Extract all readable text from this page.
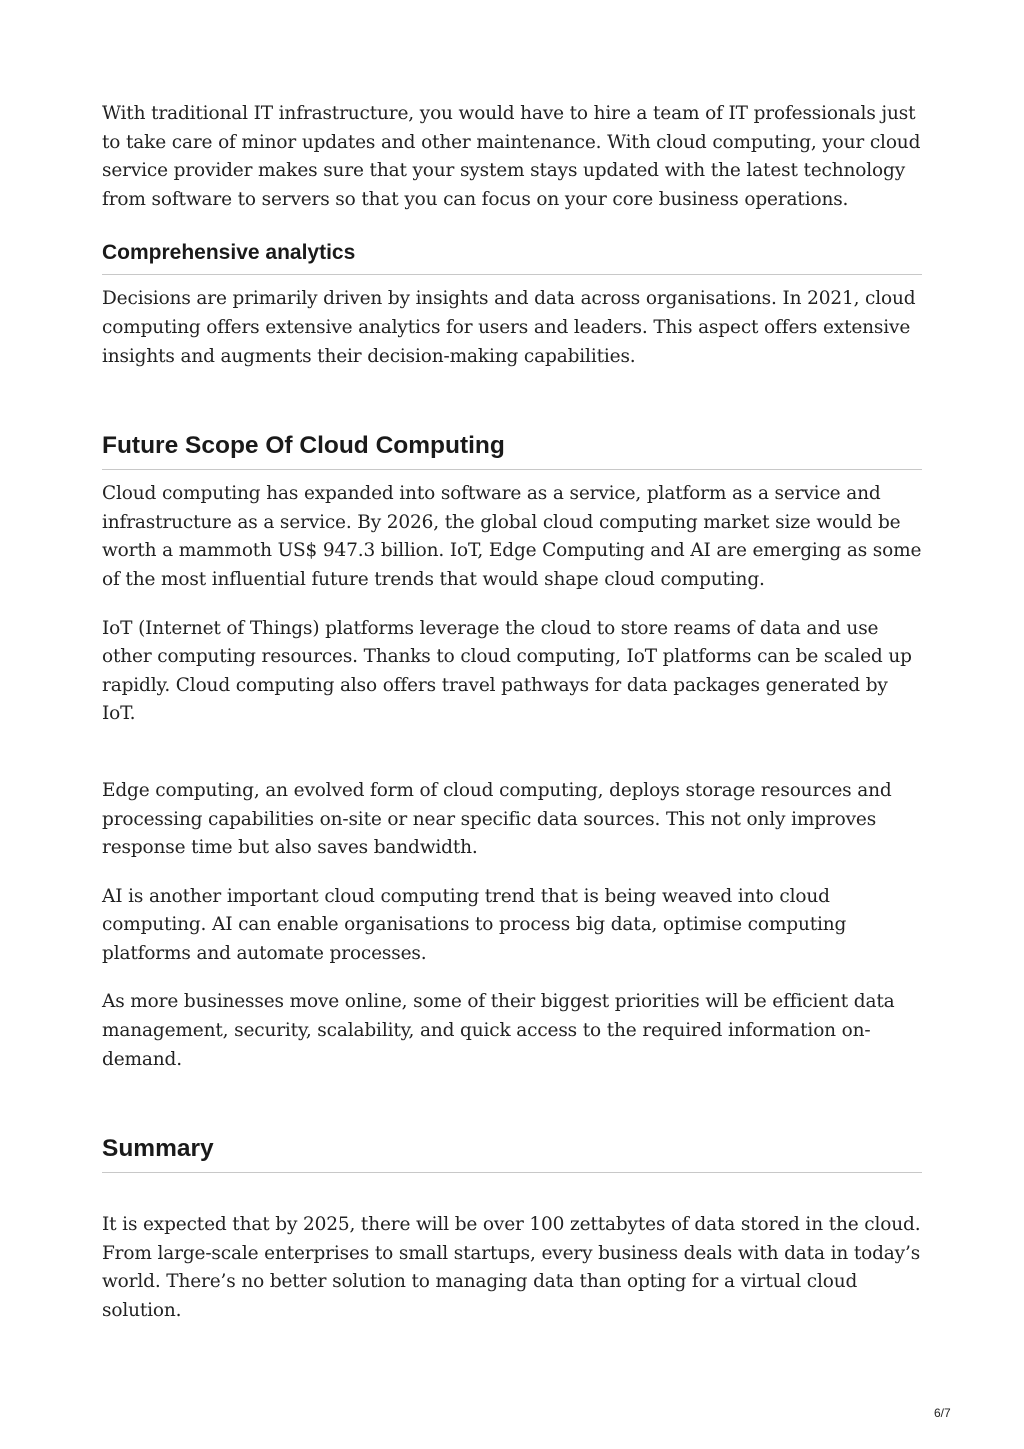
With traditional IT infrastructure, you would have to hire a team of IT professionals just to take care of minor updates and other maintenance. With cloud computing, your cloud service provider makes sure that your system stays updated with the latest technology from software to servers so that you can focus on your core business operations.

Comprehensive analytics

Decisions are primarily driven by insights and data across organisations. In 2021, cloud computing offers extensive analytics for users and leaders. This aspect offers extensive insights and augments their decision-making capabilities.

Future Scope Of Cloud Computing

Cloud computing has expanded into software as a service, platform as a service and infrastructure as a service. By 2026, the global cloud computing market size would be worth a mammoth US$ 947.3 billion. IoT, Edge Computing and AI are emerging as some of the most influential future trends that would shape cloud computing.

IoT (Internet of Things) platforms leverage the cloud to store reams of data and use other computing resources. Thanks to cloud computing, IoT platforms can be scaled up rapidly. Cloud computing also offers travel pathways for data packages generated by IoT.

Edge computing, an evolved form of cloud computing, deploys storage resources and processing capabilities on-site or near specific data sources. This not only improves response time but also saves bandwidth.

AI is another important cloud computing trend that is being weaved into cloud computing. AI can enable organisations to process big data, optimise computing platforms and automate processes.

As more businesses move online, some of their biggest priorities will be efficient data management, security, scalability, and quick access to the required information on-demand.

Summary

It is expected that by 2025, there will be over 100 zettabytes of data stored in the cloud. From large-scale enterprises to small startups, every business deals with data in today’s world. There’s no better solution to managing data than opting for a virtual cloud solution.

6/7
